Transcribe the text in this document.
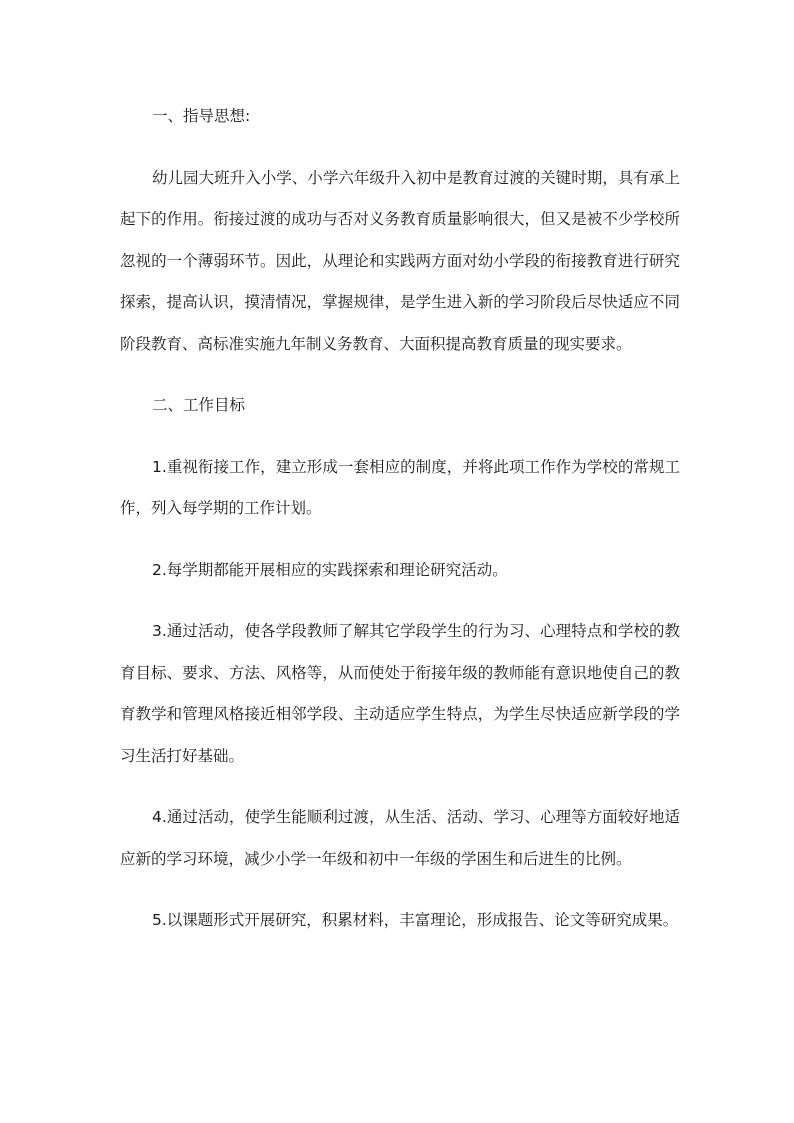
一、指导思想:

幼儿园大班升入小学、小学六年级升入初中是教育过渡的关键时期，具有承上起下的作用。衔接过渡的成功与否对义务教育质量影响很大，但又是被不少学校所忽视的一个薄弱环节。因此，从理论和实践两方面对幼小学段的衔接教育进行研究探索，提高认识，摸清情况，掌握规律，是学生进入新的学习阶段后尽快适应不同阶段教育、高标准实施九年制义务教育、大面积提高教育质量的现实要求。

二、工作目标

1.重视衔接工作，建立形成一套相应的制度，并将此项工作作为学校的常规工作，列入每学期的工作计划。

2.每学期都能开展相应的实践探索和理论研究活动。

3.通过活动，使各学段教师了解其它学段学生的行为习、心理特点和学校的教育目标、要求、方法、风格等，从而使处于衔接年级的教师能有意识地使自己的教育教学和管理风格接近相邻学段、主动适应学生特点，为学生尽快适应新学段的学习生活打好基础。

4.通过活动，使学生能顺利过渡，从生活、活动、学习、心理等方面较好地适应新的学习环境，减少小学一年级和初中一年级的学困生和后进生的比例。

5.以课题形式开展研究，积累材料，丰富理论，形成报告、论文等研究成果。
